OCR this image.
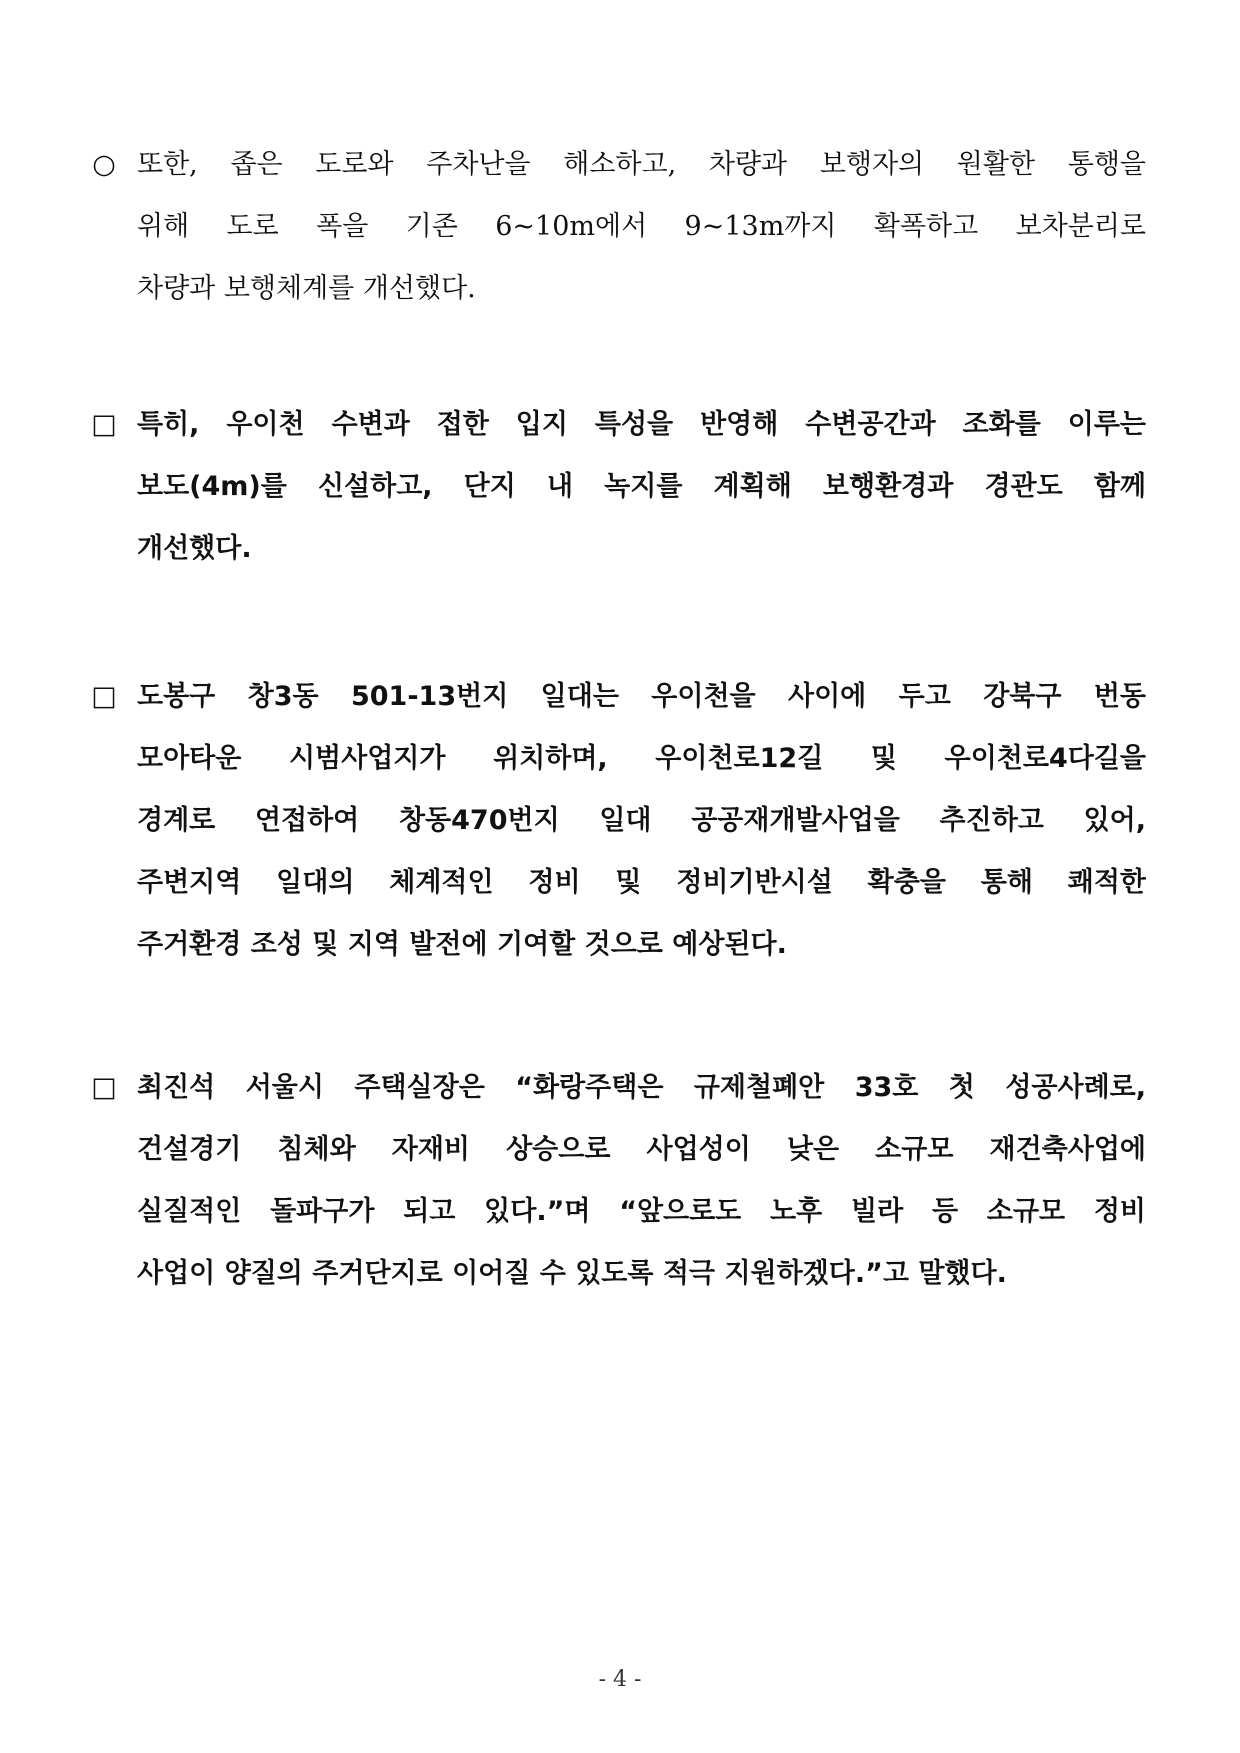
○ 또한, 좁은 도로와 주차난을 해소하고, 차량과 보행자의 원활한 통행을
위해 도로 폭을 기존 6~10m에서 9~13m까지 확폭하고 보차분리로
차량과 보행체계를 개선했다.
□ 특히, 우이천 수변과 접한 입지 특성을 반영해 수변공간과 조화를 이루는
보도(4m)를 신설하고, 단지 내 녹지를 계획해 보행환경과 경관도 함께
개선했다.
□ 도봉구 창3동 501-13번지 일대는 우이천을 사이에 두고 강북구 번동
모아타운 시범사업지가 위치하며, 우이천로12길 및 우이천로4다길을
경계로 연접하여 창동470번지 일대 공공재개발사업을 추진하고 있어,
주변지역 일대의 체계적인 정비 및 정비기반시설 확충을 통해 쾌적한
주거환경 조성 및 지역 발전에 기여할 것으로 예상된다.
□ 최진석 서울시 주택실장은 “화랑주택은 규제철폐안 33호 첫 성공사례로,
건설경기 침체와 자재비 상승으로 사업성이 낮은 소규모 재건축사업에
실질적인 돌파구가 되고 있다.”며 “앞으로도 노후 빌라 등 소규모 정비
사업이 양질의 주거단지로 이어질 수 있도록 적극 지원하겠다.”고 말했다.
- 4 -
